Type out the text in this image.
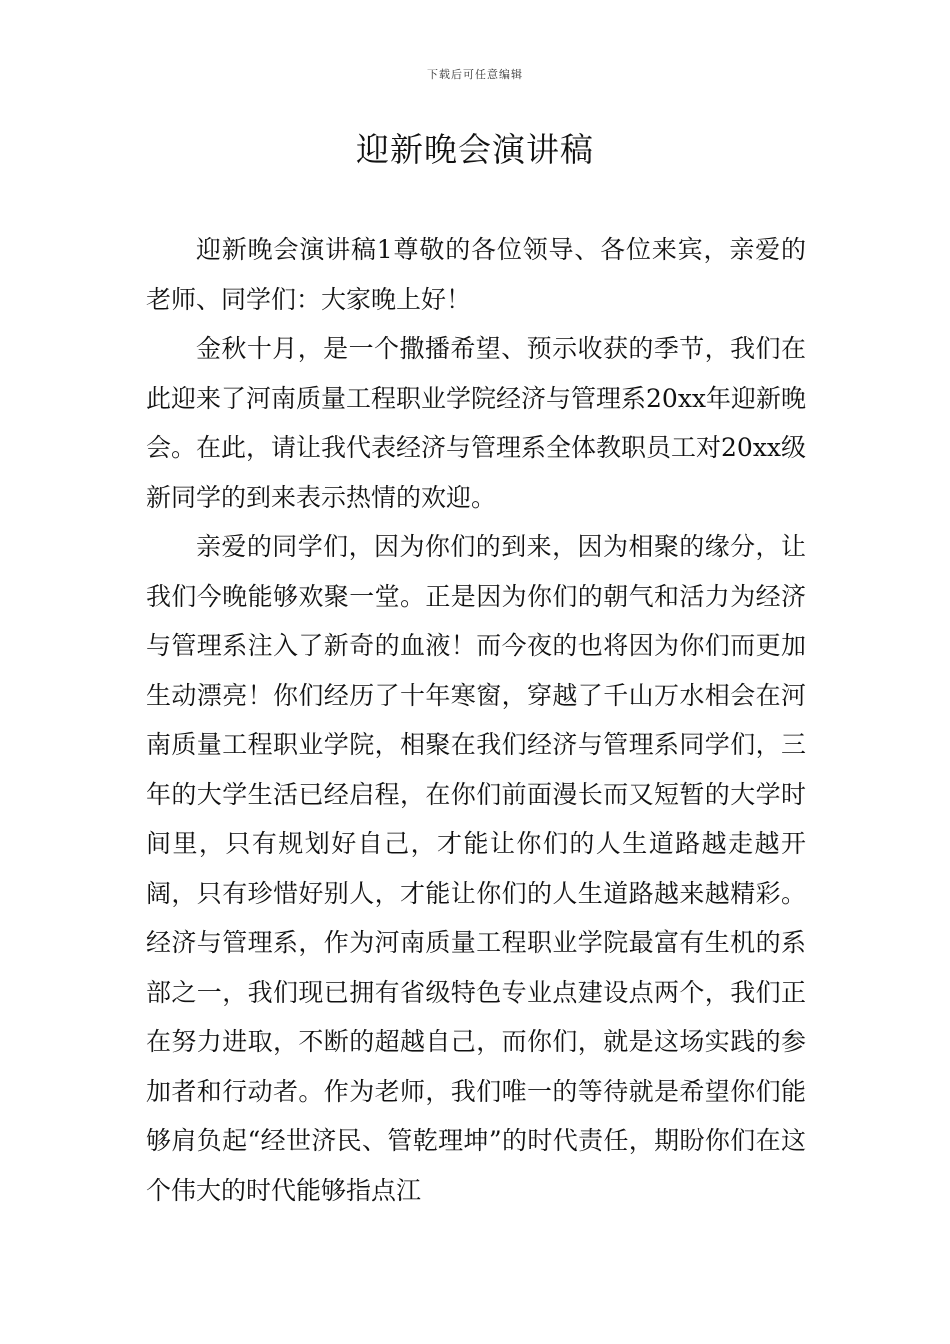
下载后可任意编辑
迎新晚会演讲稿

迎新晚会演讲稿1尊敬的各位领导、各位来宾，亲爱的老师、同学们：大家晚上好！

金秋十月，是一个撒播希望、预示收获的季节，我们在此迎来了河南质量工程职业学院经济与管理系20xx年迎新晚会。在此，请让我代表经济与管理系全体教职员工对20xx级新同学的到来表示热情的欢迎。

亲爱的同学们，因为你们的到来，因为相聚的缘分，让我们今晚能够欢聚一堂。正是因为你们的朝气和活力为经济与管理系注入了新奇的血液！而今夜的也将因为你们而更加生动漂亮！你们经历了十年寒窗，穿越了千山万水相会在河南质量工程职业学院，相聚在我们经济与管理系同学们，三年的大学生活已经启程，在你们前面漫长而又短暂的大学时间里，只有规划好自己，才能让你们的人生道路越走越开阔，只有珍惜好别人，才能让你们的人生道路越来越精彩。经济与管理系，作为河南质量工程职业学院最富有生机的系部之一，我们现已拥有省级特色专业点建设点两个，我们正在努力进取，不断的超越自己，而你们，就是这场实践的参加者和行动者。作为老师，我们唯一的等待就是希望你们能够肩负起“经世济民、管乾理坤”的时代责任，期盼你们在这个伟大的时代能够指点江
